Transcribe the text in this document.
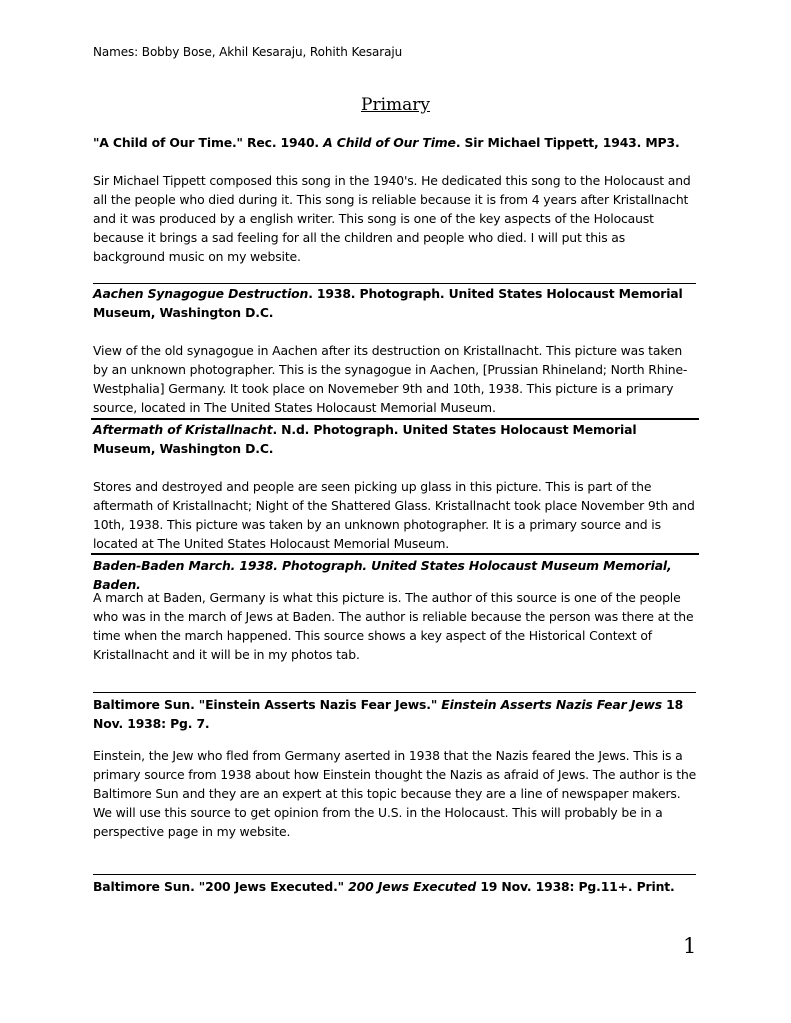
Names: Bobby Bose, Akhil Kesaraju, Rohith Kesaraju
Primary
"A Child of Our Time." Rec. 1940. A Child of Our Time. Sir Michael Tippett, 1943. MP3.
Sir Michael Tippett composed this song in the 1940's. He dedicated this song to the Holocaust and all the people who died during it. This song is reliable because it is from 4 years after Kristallnacht and it was produced by a english writer. This song is one of the key aspects of the Holocaust because it brings a sad feeling for all the children and people who died. I will put this as background music on my website.
Aachen Synagogue Destruction. 1938. Photograph. United States Holocaust Memorial Museum, Washington D.C.
View of the old synagogue in Aachen after its destruction on Kristallnacht. This picture was taken by an unknown photographer. This is the synagogue in Aachen, [Prussian Rhineland; North Rhine-Westphalia] Germany. It took place on Novemeber 9th and 10th, 1938. This picture is a primary source, located in The United States Holocaust Memorial Museum.
Aftermath of Kristallnacht. N.d. Photograph. United States Holocaust Memorial Museum, Washington D.C.
Stores and destroyed and people are seen picking up glass in this picture. This is part of the aftermath of Kristallnacht; Night of the Shattered Glass. Kristallnacht took place November 9th and 10th, 1938. This picture was taken by an unknown photographer. It is a primary source and is located at The United States Holocaust Memorial Museum.
Baden-Baden March. 1938. Photograph. United States Holocaust Museum Memorial, Baden.
A march at Baden, Germany is what this picture is. The author of this source is one of the people who was in the march of Jews at Baden. The author is reliable because the person was there at the time when the march happened. This source shows a key aspect of the Historical Context of Kristallnacht and it will be in my photos tab.
Baltimore Sun. "Einstein Asserts Nazis Fear Jews." Einstein Asserts Nazis Fear Jews 18 Nov. 1938: Pg. 7.
Einstein, the Jew who fled from Germany aserted in 1938 that the Nazis feared the Jews. This is a primary source from 1938 about how Einstein thought the Nazis as afraid of Jews. The author is the Baltimore Sun and they are an expert at this topic because they are a line of newspaper makers. We will use this source to get opinion from the U.S. in the Holocaust. This will probably be in a perspective page in my website.
Baltimore Sun. "200 Jews Executed." 200 Jews Executed 19 Nov. 1938: Pg.11+. Print.
1
